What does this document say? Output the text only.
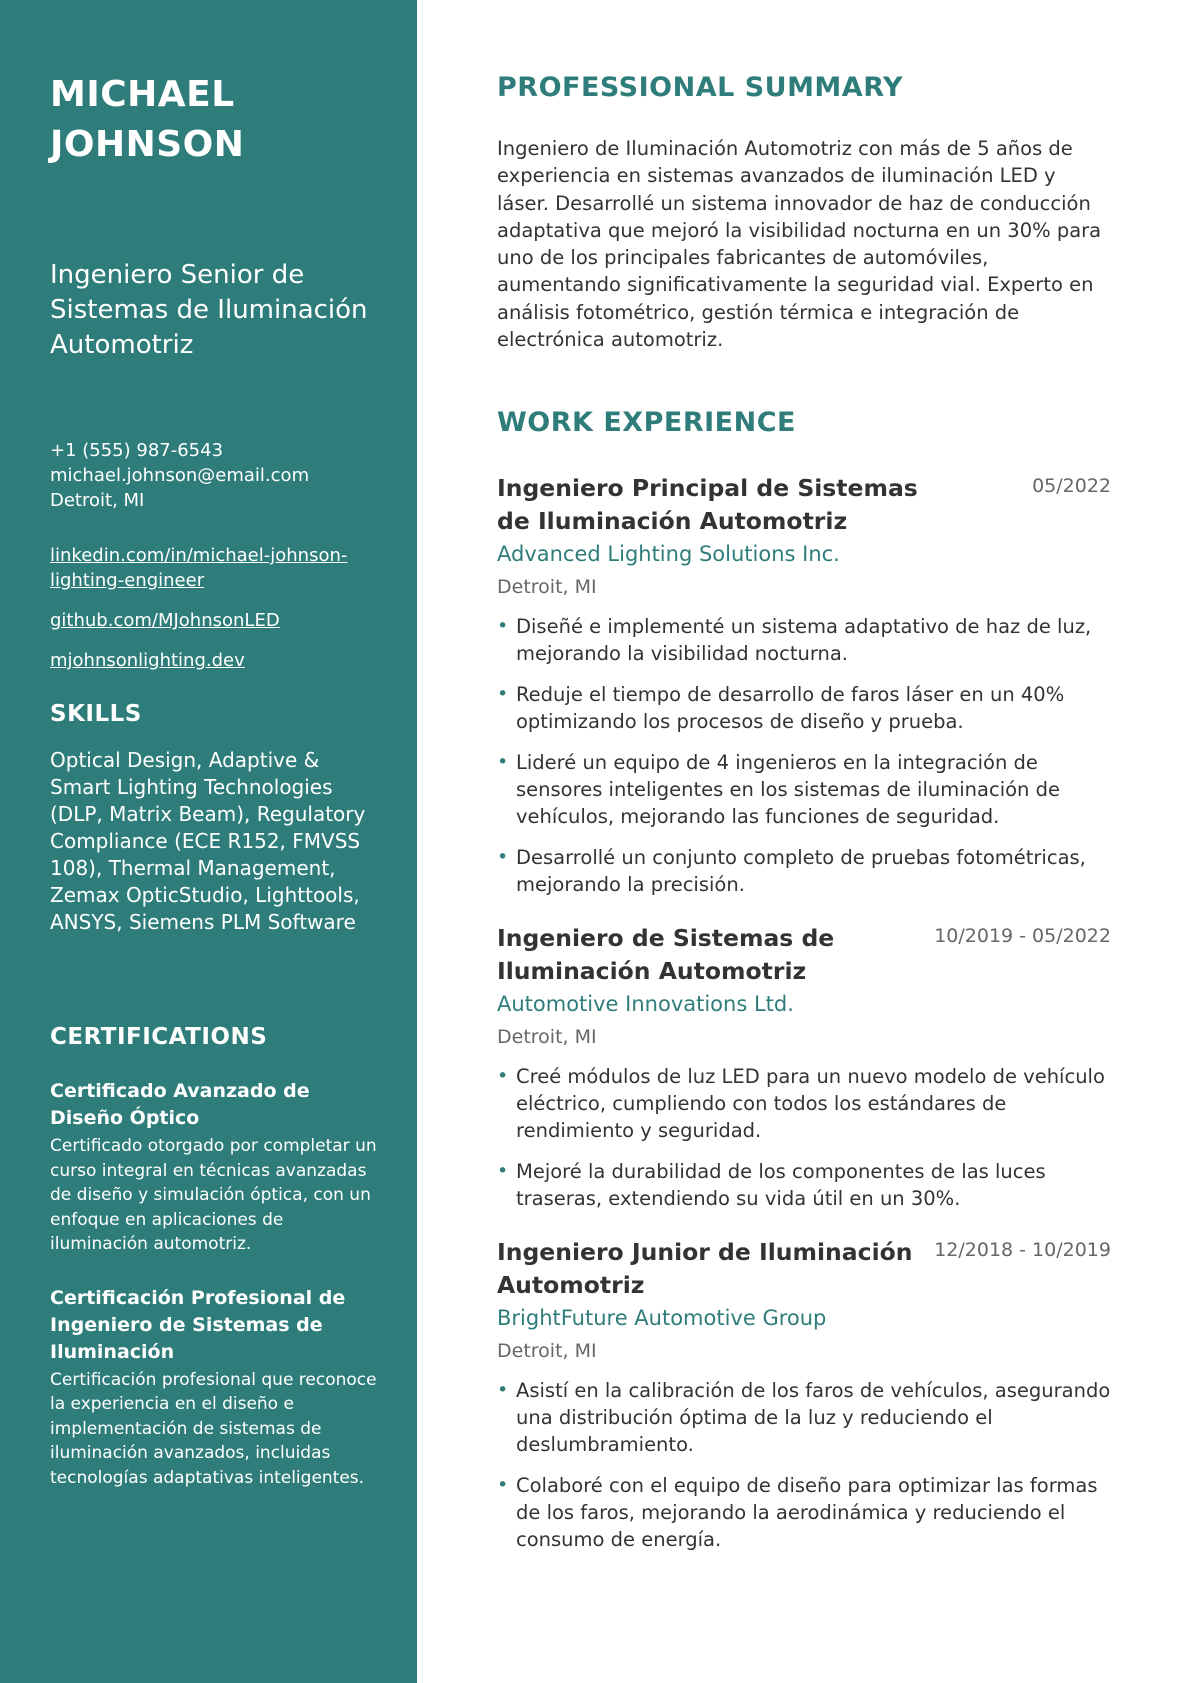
MICHAEL
JOHNSON
Ingeniero Senior de Sistemas de Iluminación Automotriz
+1 (555) 987-6543
michael.johnson@email.com
Detroit, MI
linkedin.com/in/michael-johnson-lighting-engineer
github.com/MJohnsonLED
mjohnsonlighting.dev
SKILLS
Optical Design, Adaptive & Smart Lighting Technologies (DLP, Matrix Beam), Regulatory Compliance (ECE R152, FMVSS 108), Thermal Management, Zemax OpticStudio, Lighttools, ANSYS, Siemens PLM Software
CERTIFICATIONS
Certificado Avanzado de Diseño Óptico
Certificado otorgado por completar un curso integral en técnicas avanzadas de diseño y simulación óptica, con un enfoque en aplicaciones de iluminación automotriz.
Certificación Profesional de Ingeniero de Sistemas de Iluminación
Certificación profesional que reconoce la experiencia en el diseño e implementación de sistemas de iluminación avanzados, incluidas tecnologías adaptativas inteligentes.
PROFESSIONAL SUMMARY

Ingeniero de Iluminación Automotriz con más de 5 años de experiencia en sistemas avanzados de iluminación LED y láser. Desarrollé un sistema innovador de haz de conducción adaptativa que mejoró la visibilidad nocturna en un 30% para uno de los principales fabricantes de automóviles, aumentando significativamente la seguridad vial. Experto en análisis fotométrico, gestión térmica e integración de electrónica automotriz.

WORK EXPERIENCE
Ingeniero Principal de Sistemas de Iluminación Automotriz
05/2022
Advanced Lighting Solutions Inc.
Detroit, MI
• Diseñé e implementé un sistema adaptativo de haz de luz, mejorando la visibilidad nocturna.
• Reduje el tiempo de desarrollo de faros láser en un 40% optimizando los procesos de diseño y prueba.
• Lideré un equipo de 4 ingenieros en la integración de sensores inteligentes en los sistemas de iluminación de vehículos, mejorando las funciones de seguridad.
• Desarrollé un conjunto completo de pruebas fotométricas, mejorando la precisión.
Ingeniero de Sistemas de Iluminación Automotriz
10/2019 - 05/2022
Automotive Innovations Ltd.
Detroit, MI
• Creé módulos de luz LED para un nuevo modelo de vehículo eléctrico, cumpliendo con todos los estándares de rendimiento y seguridad.
• Mejoré la durabilidad de los componentes de las luces traseras, extendiendo su vida útil en un 30%.
Ingeniero Junior de Iluminación Automotriz
12/2018 - 10/2019
BrightFuture Automotive Group
Detroit, MI
• Asistí en la calibración de los faros de vehículos, asegurando una distribución óptima de la luz y reduciendo el deslumbramiento.
• Colaboré con el equipo de diseño para optimizar las formas de los faros, mejorando la aerodinámica y reduciendo el consumo de energía.
